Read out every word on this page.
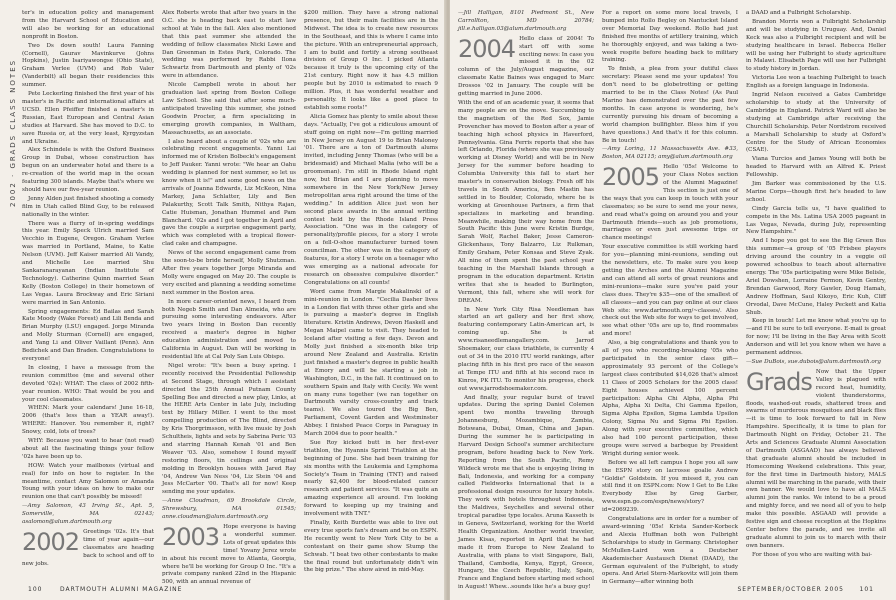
2002 · GRADS CLASS NOTES

ter's in education policy and management from the Harvard School of Education and will also be working for an educational nonprofit in Boston.

Two Ds down south! Laura Fanning (Cornell), Gaurav Mavinkurve (Johns Hopkins), Justin Isariyawongse (Ohio State), Graham Verlee (UVM) and Rob Valer (Vanderbilt) all began their residencies this summer.

Pete Leckerling finished the first year of his master's in Pacific and international affairs at UCSD. Ellen Pfeiffer finished a master's in Russian, East European and Central Asian studies at Harvard. She has moved to D.C. to save Russia or, at the very least, Kyrgyzstan and Ukraine.

Alex Schindele is with the Oxford Business Group in Dubai, whose construction has begun on an underwater hotel and there is a re-creation of the world map in the ocean featuring 300 islands. Maybe that's where we should have our five-year reunion.

Jenny Alden just finished shooting a comedy film in Utah called Blind Guy, to be released nationally in the winter.

There was a flurry of in-spring weddings this year. Emily Speck Ulrich married Sam Vecchio in Eugene, Oregon. Graham Verlee was married in Portland, Maine, to Katie Nelson (UVM). Jeff Kaiser married Ali Vandy, and Michelle Lee married Shu Sankaranarayanan (Indian Institute of Technology). Catherine Quinn married Sean Kelly (Boston College) in their hometown of Las Vegas. Laura Brockway and Eric Siriani were married in San Antonio.

Spring engagements: Ed Bailas and Sarah Kate Moody (Wake Forest) and Lili Benda and Brian Murphy (LSU) engaged. Jorge Miranda and Molly Sturman (Cornell) are engaged, and Yang Li and Oliver Vaillant (Penn). Ann Bedichek and Dan Braden. Congratulations to everyone!

In closing, I have a message from the reunion committee (me and several other devoted '02s): WHAT: The class of 2002 fifth-year reunion. WHO: That would be you and your cool classmates.

WHEN: Mark your calendars! June 16-18, 2006 (that's less than a YEAR away!). WHERE: Hanover. You remember it, right? Snowy, cold, lots of trees?

WHY: Because you want to hear (not read) about all the fascinating things your fellow '02s have been up to.

HOW: Watch your mailboxes (virtual and real) for info on how to register. In the meantime, contact Amy Salomon or Amanda Young with your ideas on how to make our reunion one that can't possibly be missed!

—Amy Salomon, 43 Irving St., Apt. 5, Somerville, MA 02143; asalomon@alum.dartmouth.org

2002 Greetings '02s. It's that time of year again—our classmates are heading back to school and off to new jobs.

Alex Roberts wrote that after two years in the O.C. she is heading back east to start law school at Yale in the fall. Alex also mentioned that this past summer she attended the wedding of fellow classmates Nicki Lowe and Dan Greenman in Estes Park, Colorado. The wedding was performed by Rabbi Ilona Schwartz from Dartmouth and plenty of '02s were in attendance.

Nicole Campbell wrote in about her graduation last spring from Boston College Law School. She said that after some much-anticipated traveling this summer, she joined Goodwin Procter, a firm specializing in emerging growth companies, in Waltham, Massachusetts, as an associate.

I also heard about a couple of '02s who are celebrating recent engagements. Yanni Lai informed me of Kristen Bolbecki's engagement to Jeff Pauker. Yanni wrote: "We hear an Oahu wedding is planned for next summer, so let us know when it is!" and some good news on the arrivals of Joanna Edwards, Liz McKeon, Nina Markey, Jana Schlatter, Lily and Ben Palakurthy, Scott Talk Smith, Nithya Rajan, Catie Huisman, Jonathan Hummel and Pam Blanchard. '02s and I got together in April and gave the couple a surprise engagement party, which was completed with a tropical flower-clad cake and champagne.

News of the second engagement came from the soon-to-be bride herself, Molly Shutzman. After five years together Jorge Miranda and Molly were engaged on May 20. The couple is very excited and planning a wedding sometime next summer in the Boston area.

In more career-oriented news, I heard from both Negeb Smith and Dan Almeida, who are pursuing some interesting endeavors. After two years living in Boston Dan recently received a master's degree in higher education administration and moved to California in August. Dan will be working in residential life at Cal Poly San Luis Obispo.

Nigel wrote: "It's been a busy spring. I recently received the Presidential Fellowship at Second Stage, through which I assistant directed the 25th Annual Putnam County Spelling Bee and directed a new play, Links, at the HERE Arts Center in late July, including text by Hillary Miller. I went to the most compelling production of The Blind, directed by Kris Thorgrimsson, with live music by Josh Schultheis, lights and sets by Sabrina Peric '03 and starring Hannah Kenah '01 and Ben Weaver '03. Also, somehow I found myself restoring floors, tin ceilings and original molding in Brooklyn houses with Jared Ray '04, Andrew Van Ness '04, Liz Stein '04 and Jess McCarter '00. That's all for now! Keep sending me your updates.

—Anne Cloudman, 69 Brookdale Circle, Shrewsbury, MA 01545; anne.cloudman@alum.dartmouth.org

2003 Hope everyone is having a wonderful summer. Lots of great updates this time! Yovany Jerez wrote in about his recent move to Atlanta, Georgia, where he'll be working for Group O Inc. "It's a private company ranked 22nd in the Hispanic 500, with an annual revenue of

$200 million. They have a strong national presence, but their main facilities are in the Midwest. The idea is to create new resources in the Southeast, and this is where I came into the picture. With an entrepreneurial approach, I am to build and fortify a strong southeast division of Group O Inc. I picked Atlanta because it truly is the upcoming city of the 21st century. Right now it has 4.5 million people but by 2010 is estimated to reach 9 million. Plus, it has wonderful weather and personality. It looks like a good place to establish some roots!"

Alicia Gomez has plenty to smile about these days. "Actually, I've got a ridiculous amount of stuff going on right now—I'm getting married in New Jersey on August 19 to Brian Maloney '01. There are a ton of Dartmouth alums invited, including Jenny Thomas (who will be a bridesmaid) and Michael Malia (who will be a groomsman). I'm still in Rhode Island right now, but Brian and I are planning to move somewhere in the New York/New Jersey metropolitan area right around the time of the wedding." In addition Alice just won her second place awards in the annual writing contest held by the Rhode Island Press Association. "One was in the category of personality/profile pieces, for a story I wrote on a fell-O-shoe manufacturer turned town councilman. The other was in the category of features, for a story I wrote on a teenager who was emerging as a national advocate for research on obsessive compulsive disorder." Congratulations on all counts!

Word came from Margie Makalinski of a mini-reunion in London. "Cecilia Dasher lives in a London flat with three other girls and she is pursuing a master's degree in English literature. Kristin Andrews, Devon Haskell and Megan Maipel came to visit. They headed to Iceland after visiting a few days. Devon and Molly just finished a six-month bike trip around New Zealand and Australia. Kristin just finished a master's degree in public health at Emory and will be starting a job in Washington, D.C., in the fall. It continued on to southern Spain and Italy with Cecily. We went on many runs together (we ran together on Dartmouth varsity cross-country and track teams). We also toured the Big Ben, Parliament, Covent Garden and Westminster Abbey. I finished Peace Corps in Paraguay in March 2004 due to poor health."

Sue Roy kicked butt in her first-ever triathlon, the Hyannis Sprint Triathlon at the beginning of June. She had been training for six months with the Leukemia and Lymphoma Society's Team in Training (TNT) and raised nearly $2,400 for blood-related cancer research and patient services. "It was quite an amazing experience all around. I'm looking forward to keeping up my training and involvement with TNT."

Finally, Keith Burdette was able to live out every true sports fan's dream and be on ESPN. He recently went to New York City to be a contestant on their game show Stump the Schwab. "I beat two other contestants to make the final round but unfortunately didn't win the big prize." The show aired in mid-May.

100	DARTMOUTH ALUMNI MAGAZINE

—Jill Halligan, 8101 Piedmont St., New Carrollton, MD 20784; jill.e.halligan.03@alum.dartmouth.org

2004 Hello class of 2004! To start off with some exciting news: In case you missed it in the 02 column of the July/August magazine, our classmate Katie Baines was engaged to Marc Drossos '02 in January. The couple will be getting married in June 2006.

With the end of an academic year, it seems that many people are on the move. Succumbing to the magnetism of the Red Sox, Jamie Provencher has moved to Boston after a year of teaching high school physics in Haverford, Pennsylvania. Gina Ferris reports that she has left Orlando, Florida (where she was previously working at Disney World) and will be in New Jersey for the summer before heading to Columbia University this fall to start her master's in conservation biology. Fresh off his travels in South America, Ben Mastin has settled in to Boulder, Colorado, where he is working at Greenhouse Partners, a firm that specializes in marketing and branding. Meanwhile, making their way home from the South Pacific this June were Kristin Burdge, Sarah Wolf, Rachel Baker, Jesse Cameron-Glickenhaus, Tony Balzarro, Liz Rulkman, Emily Graham, Peter Konsaa and Steve Zyak. All nine of them spent the past school year teaching in the Marshall Islands through a program in the education department. Kristin writes that she is headed to Burlington, Vermont, this fall, where she will work for DREAM.

In New York City Risa Needleman has started an art gallery and her first show, featuring contemporary Latin-American art, is coming up. She is at www.risaneedlemangallery.com. Jarrod Shoemaker, our class triathlete, is currently 4 out of 34 in the 2010 ITU world rankings, after placing fifth in his first pro race of the season at Tempe ITU and fifth at his second race in Kinros, PK ITU. To monitor his progress, check out www.jarrodshoemaker.com.

And finally, your regular burst of travel updates. During the spring Daniel Colemen spent two months traveling through Johannesburg, Mozambique, Zambia, Botswana, Dubai, Oman, China and Japan. During the summer he is participating in Harvard Design School's summer architecture program, before heading back to New York. Reporting from the South Pacific, Remy Wildeck wrote me that she is enjoying living in Bali, Indonesia, and working for a company called Fieldworks International that is a professional design resource for luxury hotels. They work with hotels throughout Indonesia, the Maldives, Seychelles and several other tropical paradise type locales. Aruna Kasseth is in Geneva, Switzerland, working for the World Health Organization. Another world traveler, James Kisas, reported in April that he had made it from Europe to New Zealand to Australia, with plans to visit Singapore, Bali, Thailand, Cambodia, Kenya, Egypt, Greece, Hungary, the Czech Republic, Italy, Spain, France and England before starting med school in August! Whew...sounds like he's a busy guy!

For a report on some more local travels, I bumped into Rollo Begley on Nantucket Island over Memorial Day weekend. Rollo had just finished five months of artillery training, which he thoroughly enjoyed, and was taking a two-week respite before heading back to military training.

To finish, a plea from your dutiful class secretary: Please send me your updates! You don't need to be globetrotting or getting married to be in the Class Notes! (As Paul Marino has demonstrated over the past few months. In case anyone is wondering, he's currently pursuing his dream of becoming a world champion bullfighter. Bless him if you have questions.) And that's it for this column. Be in touch!

—Amy Loring, 11 Massachusetts Ave. #33, Boston, MA 02115; amy@alum.dartmouth.org

2005 Hello '05s! Welcome to your Class Notes section of the Alumni Magazine! This section is just one of the ways that you can keep in touch with your classmates; so be sure to send me your news, and read what's going on around you and your Dartmouth friends—such as job promotions, marriages or even just awesome trips or chance meetings!

Your executive committee is still working hard for you—planning mini-reunions, sending out the newsletters, etc. To make sure you keep getting the Arches and the Alumni Magazine and can attend all sorts of great reunions and mini-reunions—make sure you've paid your class dues. They're $35—one of the smallest of all classes—and you can pay online at our class Web site: www.dartmouth.org/~classes/. Also check out the Web site for ways to get involved, see what other '05s are up to, find roommates and more!

Also, a big congratulations and thank you to all of you who recording-breaking '05s who participated in the senior class gift—approximately 93 percent of the College's largest class contributed $14,026 that's almost 11 Class of 2005 Scholars for the 2005 class! Eight houses achieved 100 percent participation: Alpha Chi Alpha, Alpha Phi Alpha, Alpha Xi Delta, Chi Gamma Epsilon, Sigma Alpha Epsilon, Sigma Lambda Upsilon Colony, Sigma Nu and Sigma Phi Epsilon. Along with your executive committee, which also had 100 percent participation, these groups were served a barbeque by President Wright during senior week.

Before we all left campus I hope you all saw the ESPN story on lacrosse goalie Andrew "Goldie" Goldstein. If you missed it, you can still find it on ESPN.com: Now I Get to Be Like Everybody Else by Greg Garber, www.espn.go.com/espn/news/story?id=2069239.

Congratulations are in order for a number of award-winning '05s! Krista Sander-Korbeck and Alexia Huffman both won Fulbright Scholarships to study in Germany. Christopher McMullen-Laird won a Deutscher Akademischer Austausch Dienst (DAAD), the German equivalent of the Fulbright, to study opera. And Ariel Stern-Markovitz will join them in Germany—after winning both

a DAAD and a Fulbright Scholarship.

Brandon Morris won a Fulbright Scholarship and will be studying in Uruguay. And, Daniel Keck was also a Fulbright recipient and will be studying healthcare in Israel. Rebecca Heller will be using her Fulbright to study agriculture in Malawi. Elisabeth Page will use her Fulbright to study history in Jordan.

Victoria Lee won a teaching Fulbright to teach English as a foreign language in Indonesia.

Ingrid Nelson received a Gates Cambridge scholarship to study at the University of Cambridge in England. Patrick Ward will also be studying at Cambridge after receiving the Churchill Scholarship. Peter Nordstrom received a Marshall Scholarship to study at Oxford's Centre for the Study of African Economies (CSAE).

Viana Turcios and James Young will both be headed to Harvard with an Alfred K. Priest Fellowship.

Jim Barker was commissioned by the U.S. Marine Corps—though first he's headed to law school.

Cindy Garcia tells us, "I have qualified to compete in the Ms. Latina USA 2005 pageant in Las Vegas, Nevada, during July, representing New Hampshire."

And I hope you got to see the Big Green Bus this summer—a group of '05 Frisbee players driving around the country in a veggie oil powered schoolbus to teach about alternative energy. The '05s participating were Mike Belisle, Ariel Dowshen, Lorraine Fermon, Kevin Gentry, Brendan Garwood, Rory Gawler, Doug Hamah, Andrew Hoffman, Saul Kikoyo, Eric Kuh, Cliff Orvodal, Dave McCune, Haley Peckett and Katia Shub.

Keep in touch! Let me know what you're up to—and I'll be sure to tell everyone. E-mail is great for now; I'll be living in the Bay Area with Scott Anderson and will let you know when we have a permanent address.

—Sue DuBois, sue.dubois@alum.dartmouth.org

Grads Now that the Upper Valley is plagued with record heat, humidity, violent thunderstorms, floods, washed-out roads, shattered trees and swarms of murderous mosquitoes and black flies—it is time to look forward to fall in New Hampshire. Specifically, it is time to plan for Dartmouth Night on Friday, October 21. The Arts and Sciences Graduate Alumni Association of Dartmouth (ASGAAD) has always believed that graduate alumni should be included in Homecoming Weekend celebrations. This year, for the first time in Dartmouth history, MALS alumni will be marching in the parade, with their own banner. We would love to have all MALS alumni join the ranks. We intend to be a proud and mighty force, and we need all of you to help make this possible. ASGAAD will provide a festive sign and cheese reception at the Hopkins Center before the parade, and we invite all graduate alumni to join us to march with their own banners.

For those of you who are waiting with bai-

SEPTEMBER/OCTOBER 2005	101
